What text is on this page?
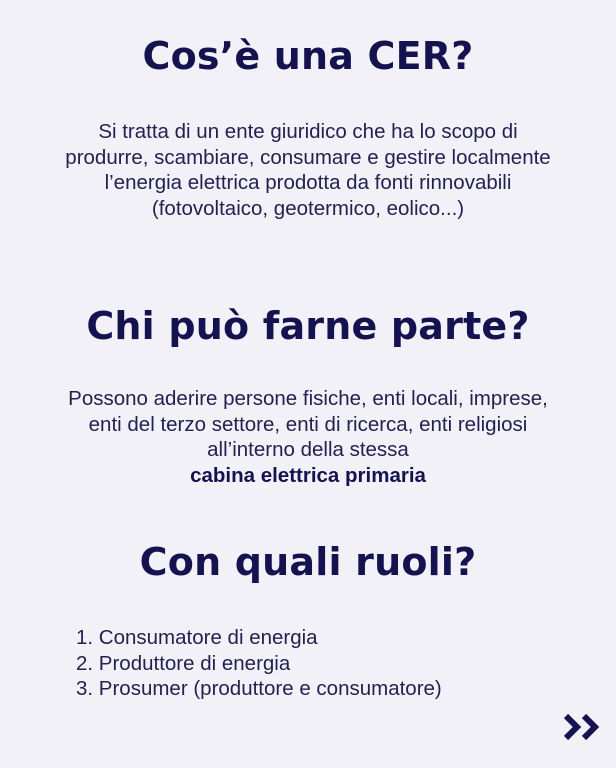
Cos’è una CER?

Si tratta di un ente giuridico che ha lo scopo di produrre, scambiare, consumare e gestire localmente l’energia elettrica prodotta da fonti rinnovabili (fotovoltaico, geotermico, eolico...)

Chi può farne parte?

Possono aderire persone fisiche, enti locali, imprese, enti del terzo settore, enti di ricerca, enti religiosi all’interno della stessa
cabina elettrica primaria

Con quali ruoli?
1. Consumatore di energia
2. Produttore di energia
3. Prosumer (produttore e consumatore)
